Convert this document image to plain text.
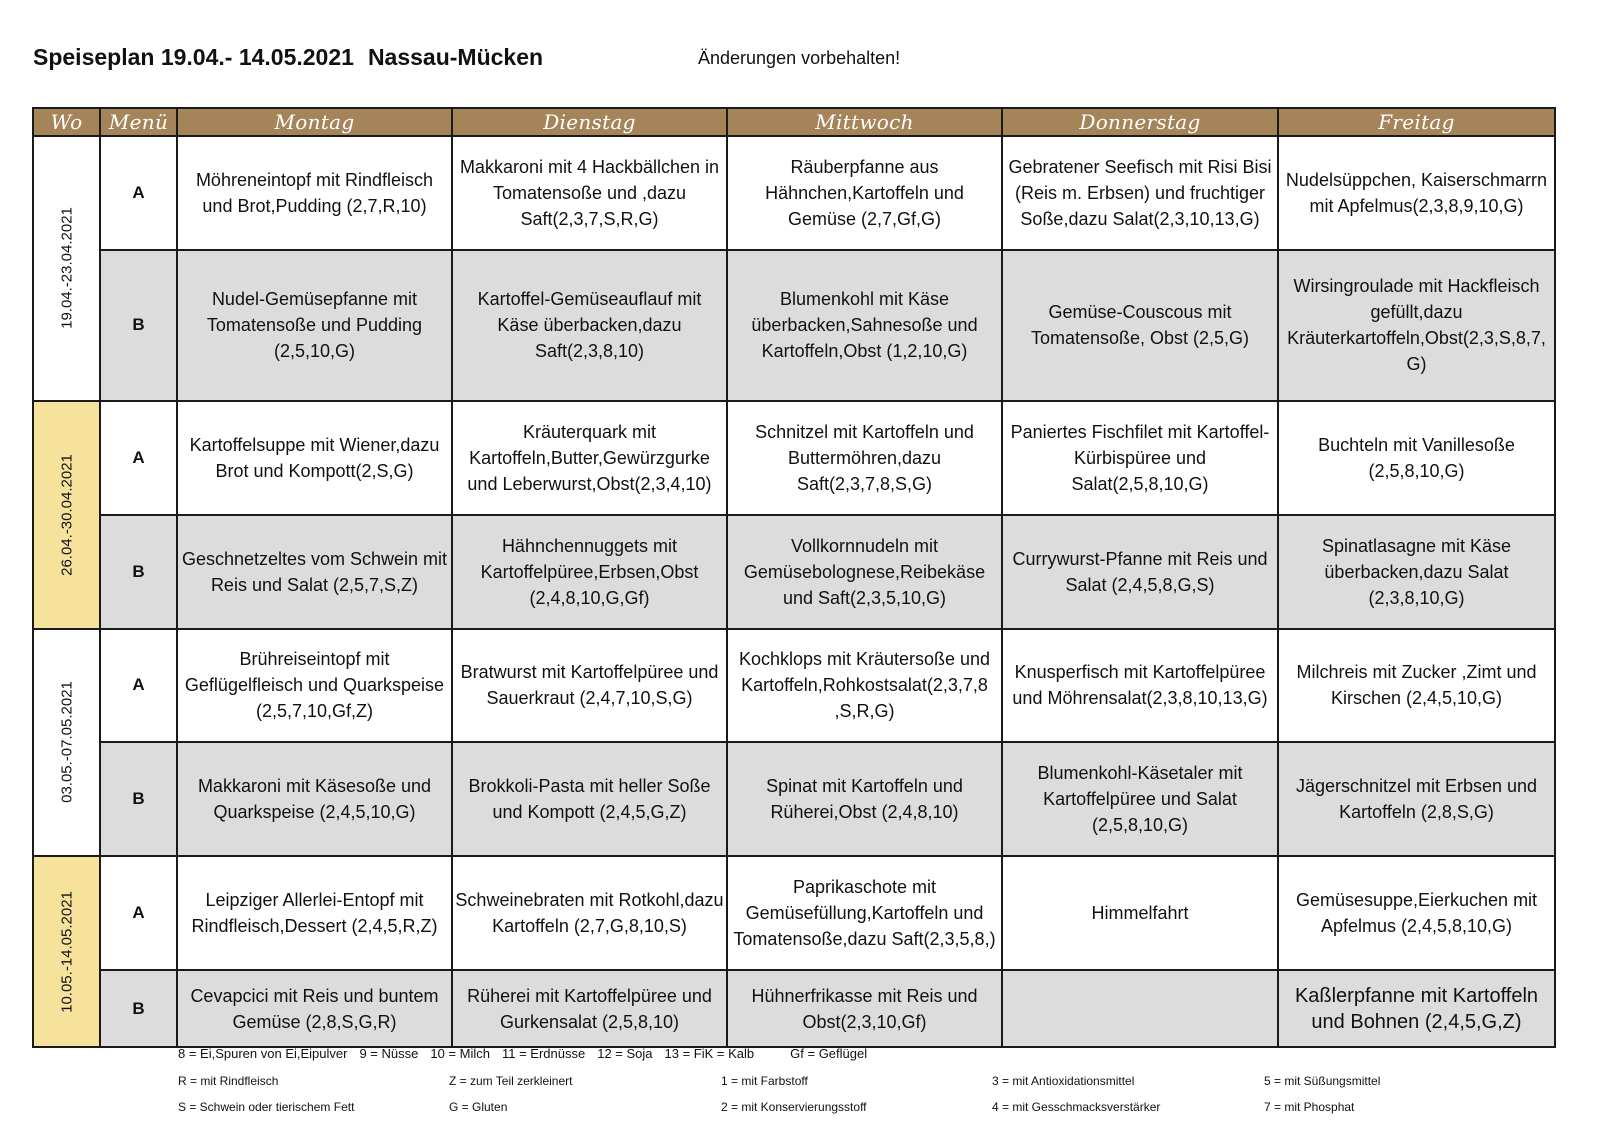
Speiseplan 19.04.- 14.05.2021 Nassau-Mücken	Änderungen vorbehalten!
Wo	Menü	Montag	Dienstag	Mittwoch	Donnerstag	Freitag

19.04.-23.04.2021	A	Möhreneintopf mit Rindfleisch und Brot,Pudding (2,7,R,10)	Makkaroni mit 4 Hackbällchen in Tomatensoße und ,dazu Saft(2,3,7,S,R,G)	Räuberpfanne aus Hähnchen,Kartoffeln und Gemüse (2,7,Gf,G)	Gebratener Seefisch mit Risi Bisi (Reis m. Erbsen) und fruchtiger Soße,dazu Salat(2,3,10,13,G)	Nudelsüppchen, Kaiserschmarrn mit Apfelmus(2,3,8,9,10,G)
	B	Nudel-Gemüsepfanne mit Tomatensoße und Pudding (2,5,10,G)	Kartoffel-Gemüseauflauf mit Käse überbacken,dazu Saft(2,3,8,10)	Blumenkohl mit Käse überbacken,Sahnesoße und Kartoffeln,Obst (1,2,10,G)	Gemüse-Couscous mit Tomatensoße, Obst (2,5,G)	Wirsingroulade mit Hackfleisch gefüllt,dazu Kräuterkartoffeln,Obst(2,3,S,8,7,G)

26.04.-30.04.2021	A	Kartoffelsuppe mit Wiener,dazu Brot und Kompott(2,S,G)	Kräuterquark mit Kartoffeln,Butter,Gewürzgurke und Leberwurst,Obst(2,3,4,10)	Schnitzel mit Kartoffeln und Buttermöhren,dazu Saft(2,3,7,8,S,G)	Paniertes Fischfilet mit Kartoffel-Kürbispüree und Salat(2,5,8,10,G)	Buchteln mit Vanillesoße (2,5,8,10,G)
	B	Geschnetzeltes vom Schwein mit Reis und Salat (2,5,7,S,Z)	Hähnchennuggets mit Kartoffelpüree,Erbsen,Obst (2,4,8,10,G,Gf)	Vollkornnudeln mit Gemüsebolognese,Reibekäse und Saft(2,3,5,10,G)	Currywurst-Pfanne mit Reis und Salat (2,4,5,8,G,S)	Spinatlasagne mit Käse überbacken,dazu Salat (2,3,8,10,G)

03.05.-07.05.2021	A	Brühreiseintopf mit Geflügelfleisch und Quarkspeise (2,5,7,10,Gf,Z)	Bratwurst mit Kartoffelpüree und Sauerkraut (2,4,7,10,S,G)	Kochklops mit Kräutersoße und Kartoffeln,Rohkostsalat(2,3,7,8 ,S,R,G)	Knusperfisch mit Kartoffelpüree und Möhrensalat(2,3,8,10,13,G)	Milchreis mit Zucker ,Zimt und Kirschen (2,4,5,10,G)
	B	Makkaroni mit Käsesoße und Quarkspeise (2,4,5,10,G)	Brokkoli-Pasta mit heller Soße und Kompott (2,4,5,G,Z)	Spinat mit Kartoffeln und Rüherei,Obst (2,4,8,10)	Blumenkohl-Käsetaler mit Kartoffelpüree und Salat (2,5,8,10,G)	Jägerschnitzel mit Erbsen und Kartoffeln (2,8,S,G)

10.05.-14.05.2021	A	Leipziger Allerlei-Entopf mit Rindfleisch,Dessert (2,4,5,R,Z)	Schweinebraten mit Rotkohl,dazu Kartoffeln (2,7,G,8,10,S)	Paprikaschote mit Gemüsefüllung,Kartoffeln und Tomatensoße,dazu Saft(2,3,5,8,)	Himmelfahrt	Gemüsesuppe,Eierkuchen mit Apfelmus (2,4,5,8,10,G)
	B	Cevapcici mit Reis und buntem Gemüse (2,8,S,G,R)	Rüherei mit Kartoffelpüree und Gurkensalat (2,5,8,10)	Hühnerfrikasse mit Reis und Obst(2,3,10,Gf)		Kaßlerpfanne mit Kartoffeln und Bohnen (2,4,5,G,Z)
8 = Ei,Spuren von Ei,Eipulver 9 = Nüsse 10 = Milch 11 = Erdnüsse 12 = Soja 13 = FiK = Kalb	Gf = Geflügel
R = mit Rindfleisch	Z = zum Teil zerkleinert	1 = mit Farbstoff	3 = mit Antioxidationsmittel	5 = mit Süßungsmittel
S = Schwein oder tierischem Fett	G = Gluten	2 = mit Konservierungsstoff	4 = mit Gesschmacksverstärker	7 = mit Phosphat
